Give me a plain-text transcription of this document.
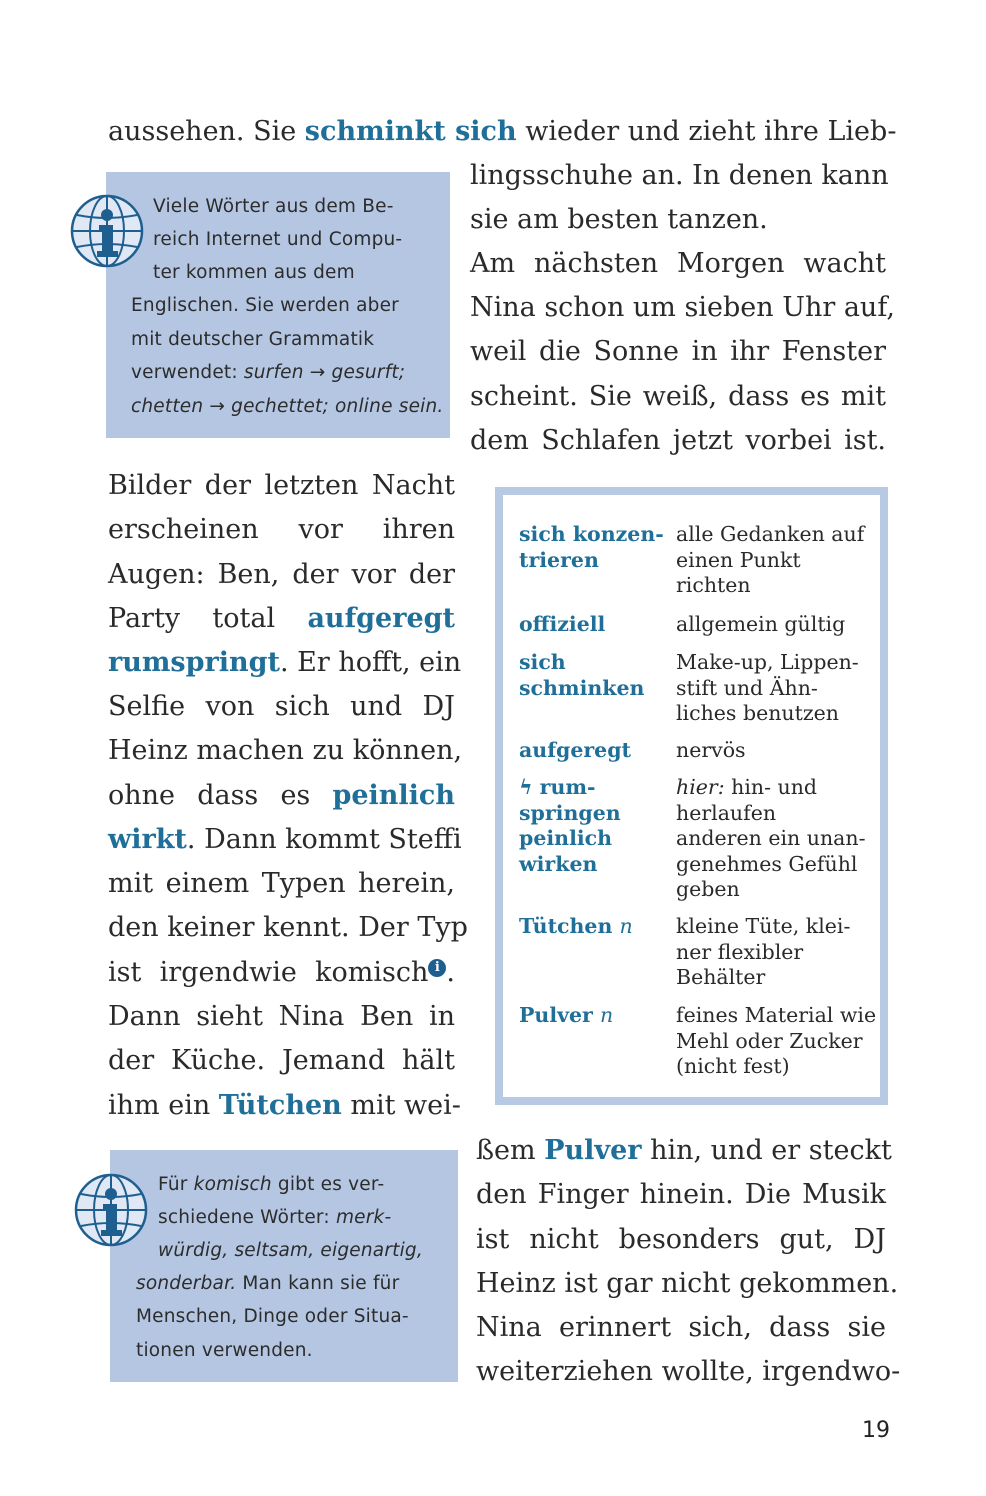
aussehen. Sie schminkt sich wieder und zieht ihre Lieb-
lingsschuhe an. In denen kann
sie am besten tanzen.
Am nächsten Morgen wacht
Nina schon um sieben Uhr auf,
weil die Sonne in ihr Fenster
scheint. Sie weiß, dass es mit
dem Schlafen jetzt vorbei ist.
Bilder der letzten Nacht
erscheinen vor ihren
Augen: Ben, der vor der
Party total aufgeregt
rumspringt. Er hofft, ein
Selfie von sich und DJ
Heinz machen zu können,
ohne dass es peinlich
wirkt. Dann kommt Steffi
mit einem Typen herein,
den keiner kennt. Der Typ
ist irgendwie komisch i .
Dann sieht Nina Ben in
der Küche. Jemand hält
ihm ein Tütchen mit wei-
ßem Pulver hin, und er steckt
den Finger hinein. Die Musik
ist nicht besonders gut, DJ
Heinz ist gar nicht gekommen.
Nina erinnert sich, dass sie
weiterziehen wollte, irgendwo-
Viele Wörter aus dem Be-
reich Internet und Compu-
ter kommen aus dem
Englischen. Sie werden aber
mit deutscher Grammatik
verwendet: surfen → gesurft;
chetten → gechettet; online sein.
Für komisch gibt es ver-
schiedene Wörter: merk-
würdig, seltsam, eigenartig,
sonderbar. Man kann sie für
Menschen, Dinge oder Situa-
tionen verwenden.
sich konzen-
trieren
alle Gedanken auf
einen Punkt
richten
offiziell	allgemein gültig
sich
schminken
Make-up, Lippen-
stift und Ähn-
liches benutzen
aufgeregt nervös
ϟ rum-
springen
hier: hin- und
herlaufen
peinlich
wirken
anderen ein unan-
genehmes Gefühl
geben
Tütchen n kleine Tüte, klei-
ner flexibler
Behälter
Pulver n	feines Material wie
Mehl oder Zucker
(nicht fest)
19
